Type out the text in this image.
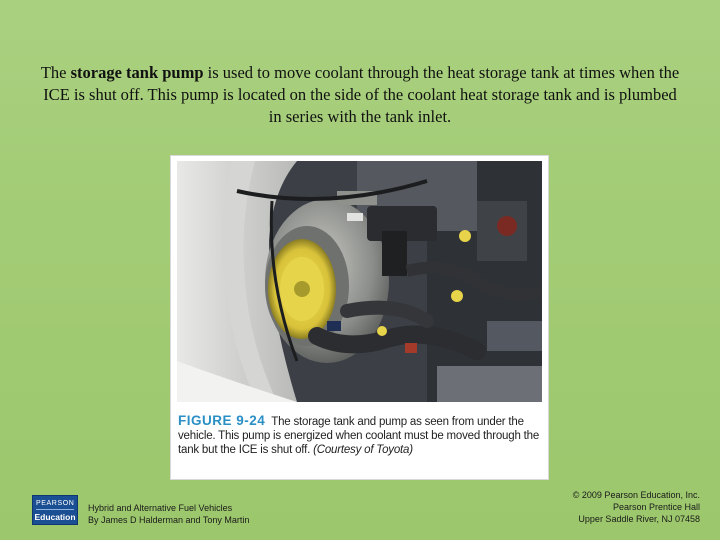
The storage tank pump is used to move coolant through the heat storage tank at times when the ICE is shut off. This pump is located on the side of the coolant heat storage tank and is plumbed in series with the tank inlet.

FIGURE 9-24 The storage tank and pump as seen from under the vehicle. This pump is energized when coolant must be moved through the tank but the ICE is shut off. (Courtesy of Toyota)
PEARSON
Education
Hybrid and Alternative Fuel Vehicles
By James D Halderman and Tony Martin
© 2009 Pearson Education, Inc.
Pearson Prentice Hall
Upper Saddle River, NJ 07458
